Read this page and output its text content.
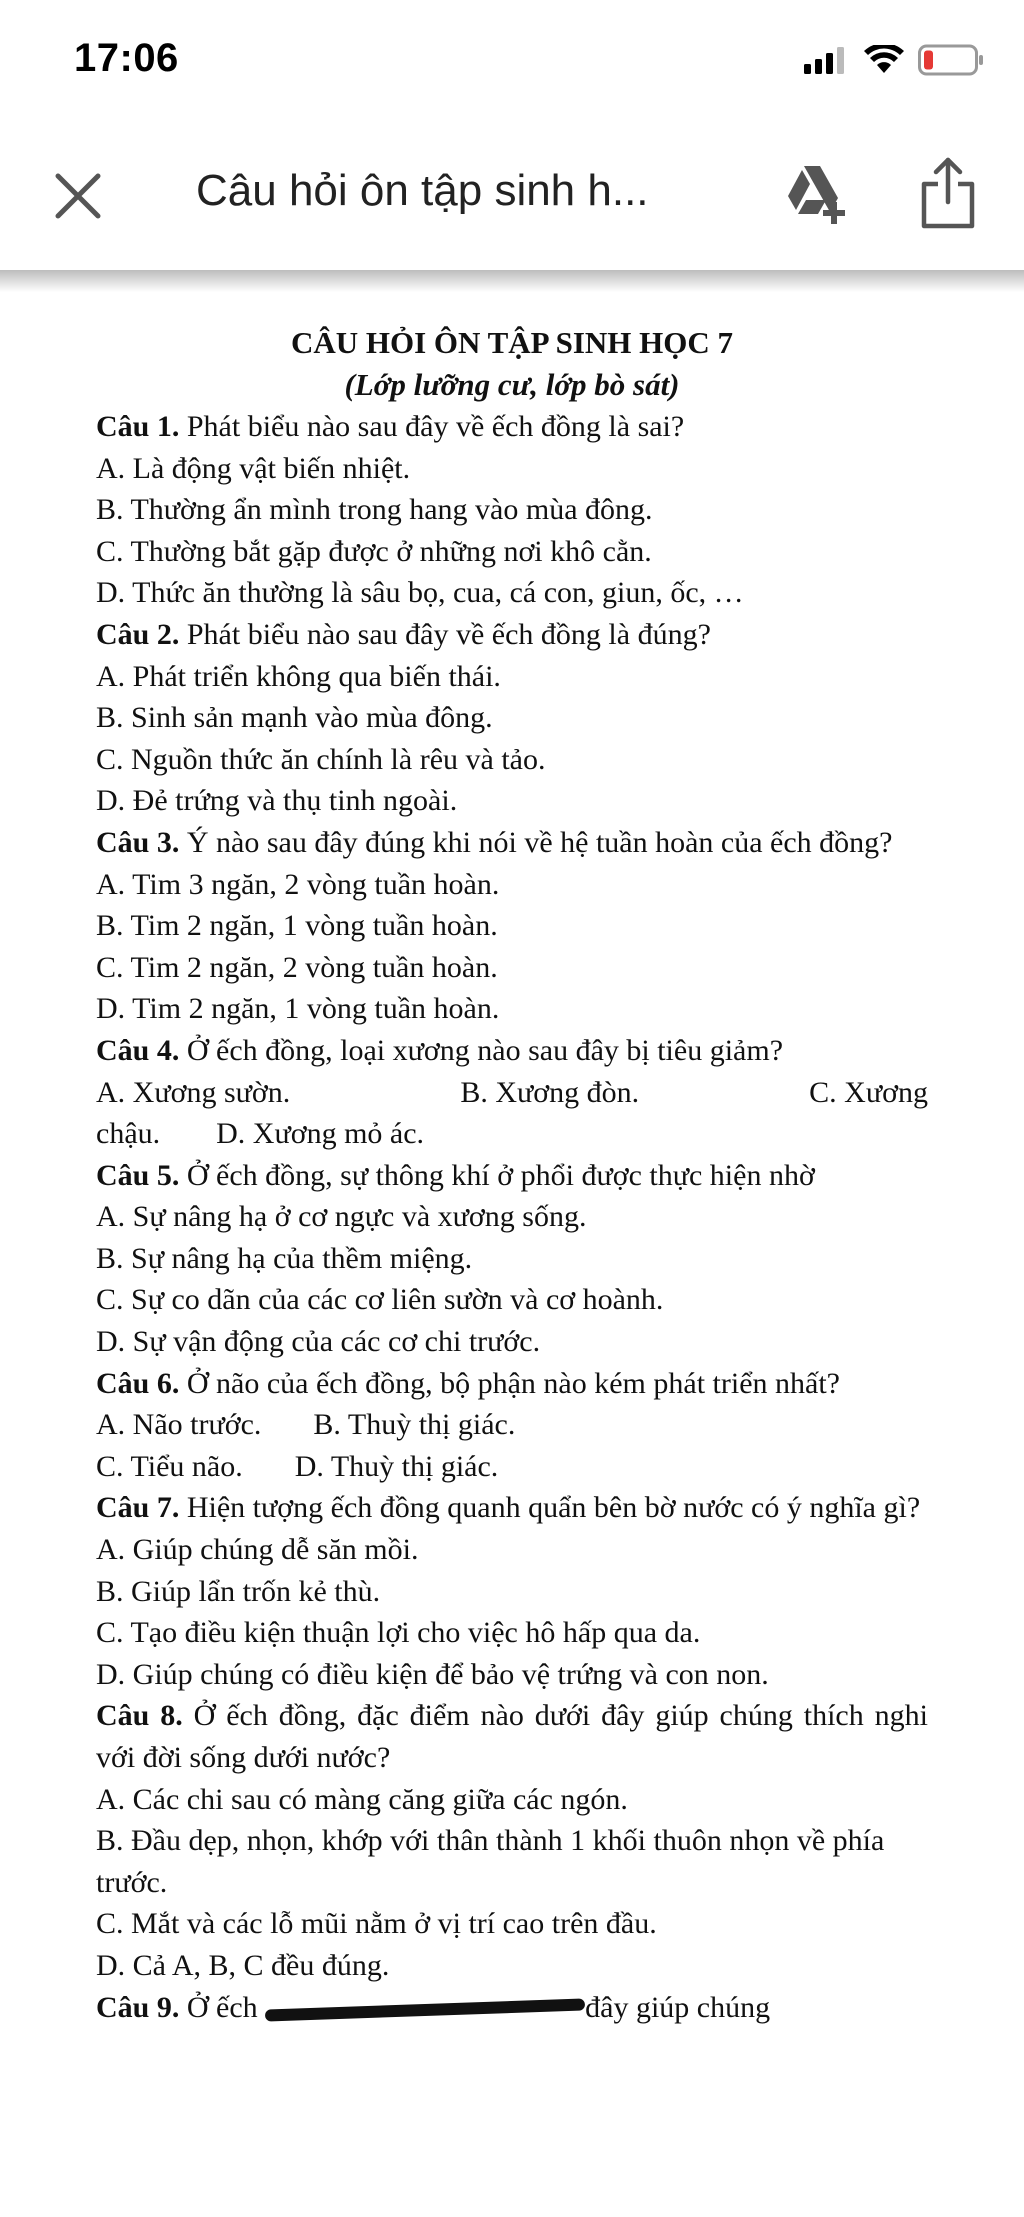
17:06
Câu hỏi ôn tập sinh h...

CÂU HỎI ÔN TẬP SINH HỌC 7

(Lớp lưỡng cư, lớp bò sát)

Câu 1. Phát biểu nào sau đây về ếch đồng là sai?

A. Là động vật biến nhiệt.

B. Thường ẩn mình trong hang vào mùa đông.

C. Thường bắt gặp được ở những nơi khô cằn.

D. Thức ăn thường là sâu bọ, cua, cá con, giun, ốc, …

Câu 2. Phát biểu nào sau đây về ếch đồng là đúng?

A. Phát triển không qua biến thái.

B. Sinh sản mạnh vào mùa đông.

C. Nguồn thức ăn chính là rêu và tảo.

D. Đẻ trứng và thụ tinh ngoài.

Câu 3. Ý nào sau đây đúng khi nói về hệ tuần hoàn của ếch đồng?

A. Tim 3 ngăn, 2 vòng tuần hoàn.

B. Tim 2 ngăn, 1 vòng tuần hoàn.

C. Tim 2 ngăn, 2 vòng tuần hoàn.

D. Tim 2 ngăn, 1 vòng tuần hoàn.

Câu 4. Ở ếch đồng, loại xương nào sau đây bị tiêu giảm?

A. Xương sườn.	B. Xương đòn.	C. Xương

chậu. D. Xương mỏ ác.

Câu 5. Ở ếch đồng, sự thông khí ở phổi được thực hiện nhờ

A. Sự nâng hạ ở cơ ngực và xương sống.

B. Sự nâng hạ của thềm miệng.

C. Sự co dãn của các cơ liên sườn và cơ hoành.

D. Sự vận động của các cơ chi trước.

Câu 6. Ở não của ếch đồng, bộ phận nào kém phát triển nhất?

A. Não trước. B. Thuỳ thị giác.

C. Tiểu não. D. Thuỳ thị giác.

Câu 7. Hiện tượng ếch đồng quanh quẩn bên bờ nước có ý nghĩa gì?

A. Giúp chúng dễ săn mồi.

B. Giúp lẩn trốn kẻ thù.

C. Tạo điều kiện thuận lợi cho việc hô hấp qua da.

D. Giúp chúng có điều kiện để bảo vệ trứng và con non.

Câu 8. Ở ếch đồng, đặc điểm nào dưới đây giúp chúng thích nghi với đời sống dưới nước?

A. Các chi sau có màng căng giữa các ngón.

B. Đầu dẹp, nhọn, khớp với thân thành 1 khối thuôn nhọn về phía trước.

C. Mắt và các lỗ mũi nằm ở vị trí cao trên đầu.

D. Cả A, B, C đều đúng.

Câu 9. Ở ếch	đây giúp chúng
